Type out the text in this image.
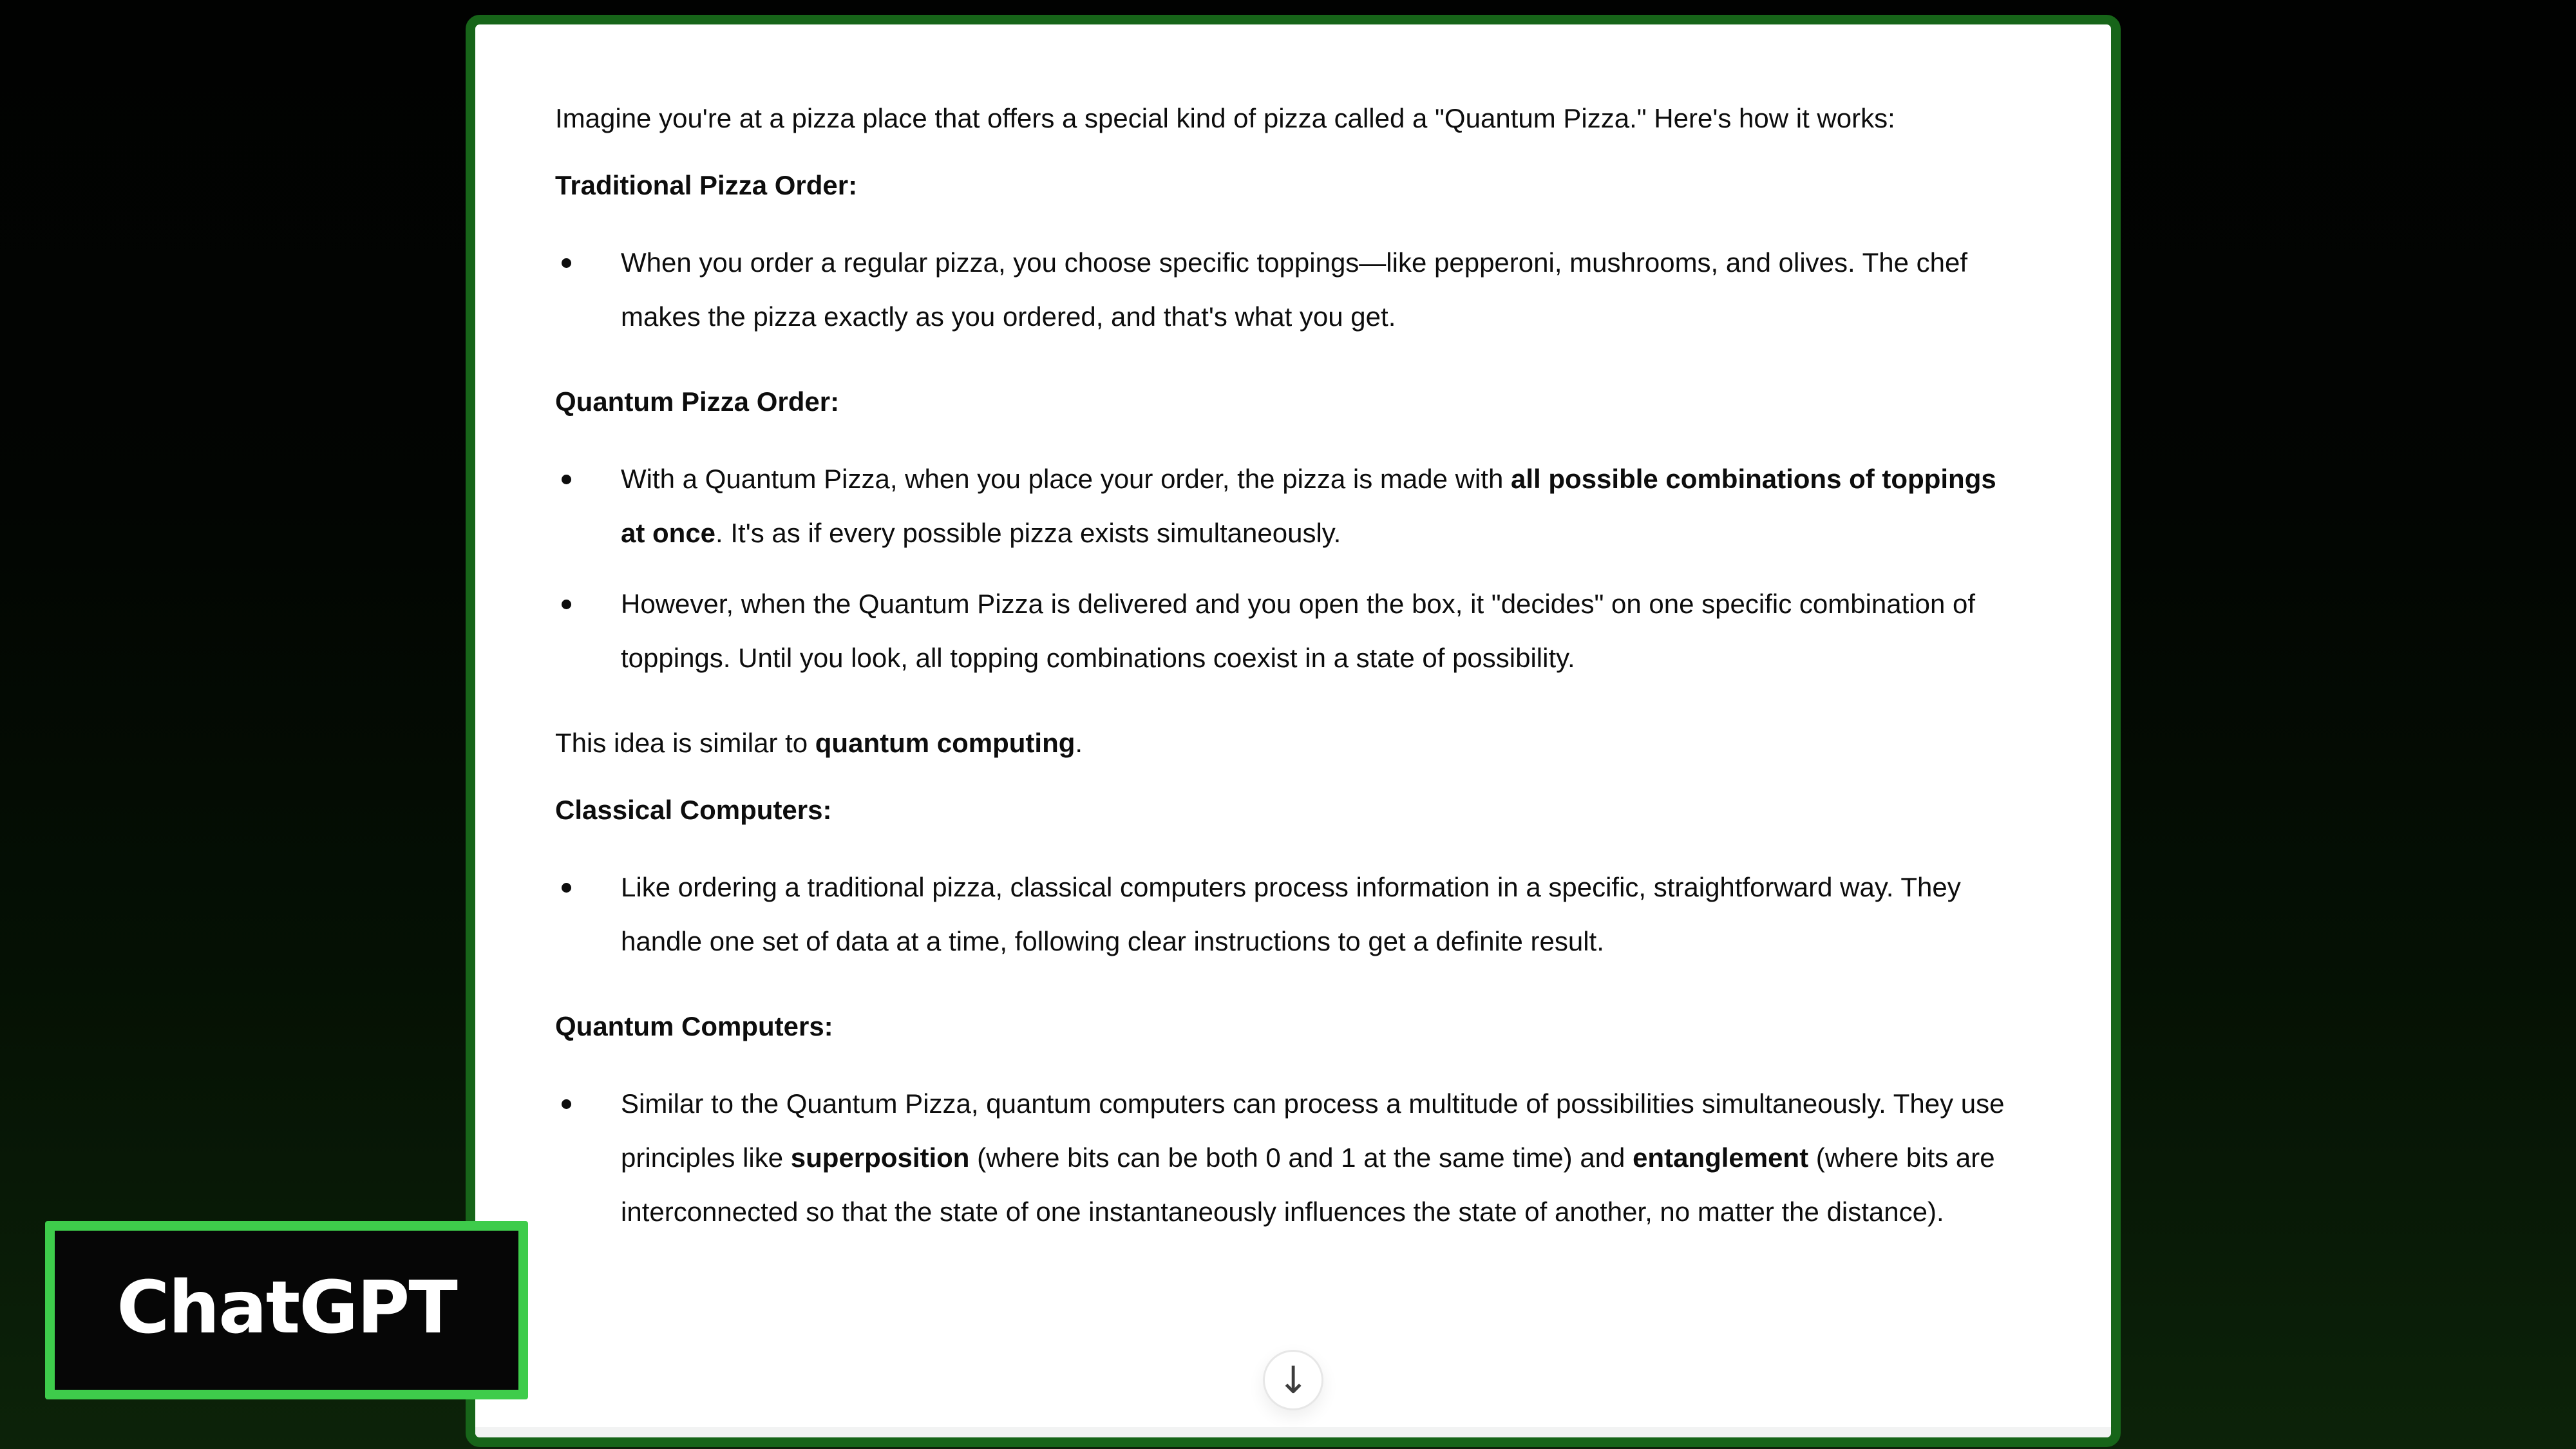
Imagine you're at a pizza place that offers a special kind of pizza called a "Quantum Pizza." Here's how it works:
Traditional Pizza Order:
When you order a regular pizza, you choose specific toppings—like pepperoni, mushrooms, and olives. The chef makes the pizza exactly as you ordered, and that's what you get.
Quantum Pizza Order:
With a Quantum Pizza, when you place your order, the pizza is made with all possible combinations of toppings at once. It's as if every possible pizza exists simultaneously.
However, when the Quantum Pizza is delivered and you open the box, it "decides" on one specific combination of toppings. Until you look, all topping combinations coexist in a state of possibility.
This idea is similar to quantum computing.
Classical Computers:
Like ordering a traditional pizza, classical computers process information in a specific, straightforward way. They handle one set of data at a time, following clear instructions to get a definite result.
Quantum Computers:
Similar to the Quantum Pizza, quantum computers can process a multitude of possibilities simultaneously. They use principles like superposition (where bits can be both 0 and 1 at the same time) and entanglement (where bits are interconnected so that the state of one instantaneously influences the state of another, no matter the distance).
↓
ChatGPT
